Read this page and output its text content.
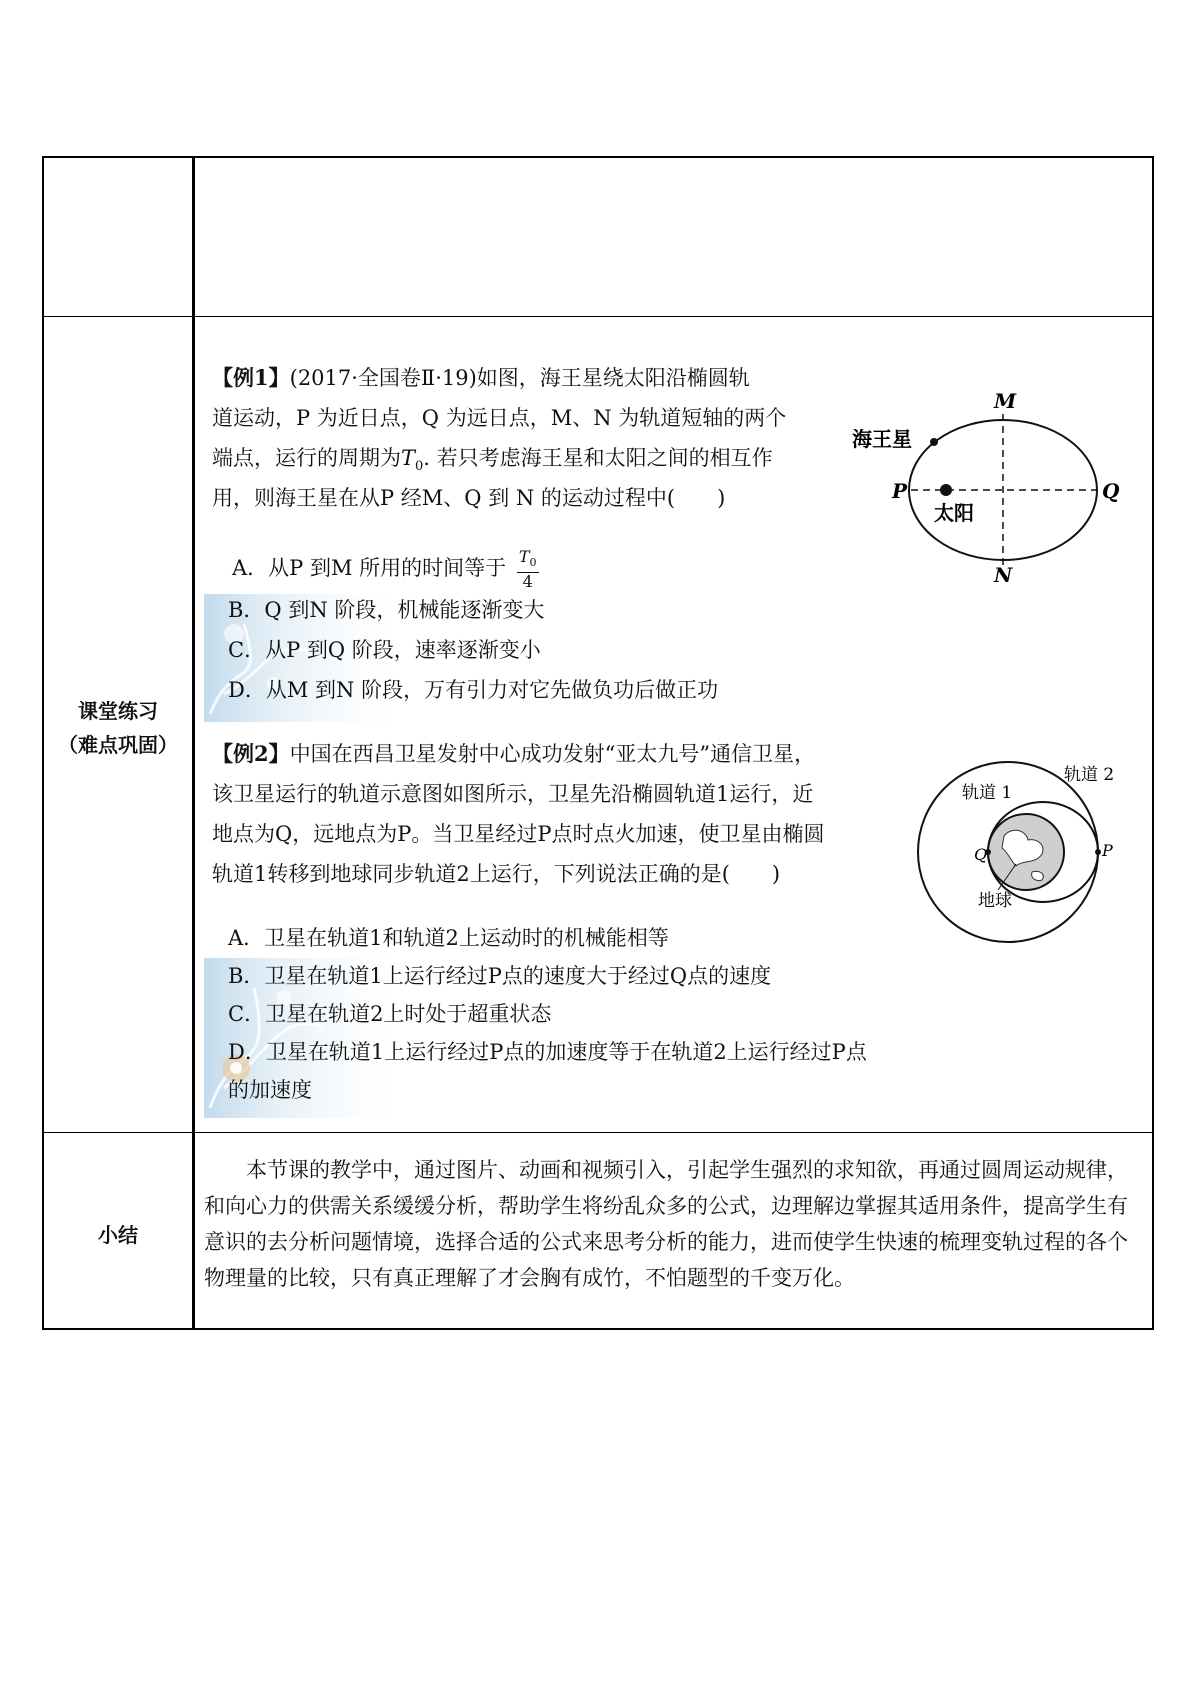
课堂练习
（难点巩固）
小结
【例1】(2017·全国卷Ⅱ·19)如图，海王星绕太阳沿椭圆轨
道运动，P 为近日点，Q 为远日点，M、N 为轨道短轴的两个
端点，运行的周期为$T_0$. 若只考虑海王星和太阳之间的相互作
用，则海王星在从P 经M、Q 到 N 的运动过程中(　　)
A．从P 到M 所用的时间等于 $\frac{T_0}{4}$
B．Q 到N 阶段，机械能逐渐变大
C．从P 到Q 阶段，速率逐渐变小
D．从M 到N 阶段，万有引力对它先做负功后做正功
M
N
P	Q
海王星
太阳
【例2】中国在西昌卫星发射中心成功发射“亚太九号”通信卫星，
该卫星运行的轨道示意图如图所示，卫星先沿椭圆轨道1运行，近
地点为Q，远地点为P。当卫星经过P点时点火加速，使卫星由椭圆
轨道1转移到地球同步轨道2上运行，下列说法正确的是(　　)
A．卫星在轨道1和轨道2上运动时的机械能相等
B．卫星在轨道1上运行经过P点的速度大于经过Q点的速度
C．卫星在轨道2上时处于超重状态
D．卫星在轨道1上运行经过P点的加速度等于在轨道2上运行经过P点
的加速度
轨道 2
轨道 1
地球
P
Q
本节课的教学中，通过图片、动画和视频引入，引起学生强烈的求知欲，再通过圆周运动规律，和向心力的供需关系缓缓分析，帮助学生将纷乱众多的公式，边理解边掌握其适用条件，提高学生有意识的去分析问题情境，选择合适的公式来思考分析的能力，进而使学生快速的梳理变轨过程的各个物理量的比较，只有真正理解了才会胸有成竹，不怕题型的千变万化。
